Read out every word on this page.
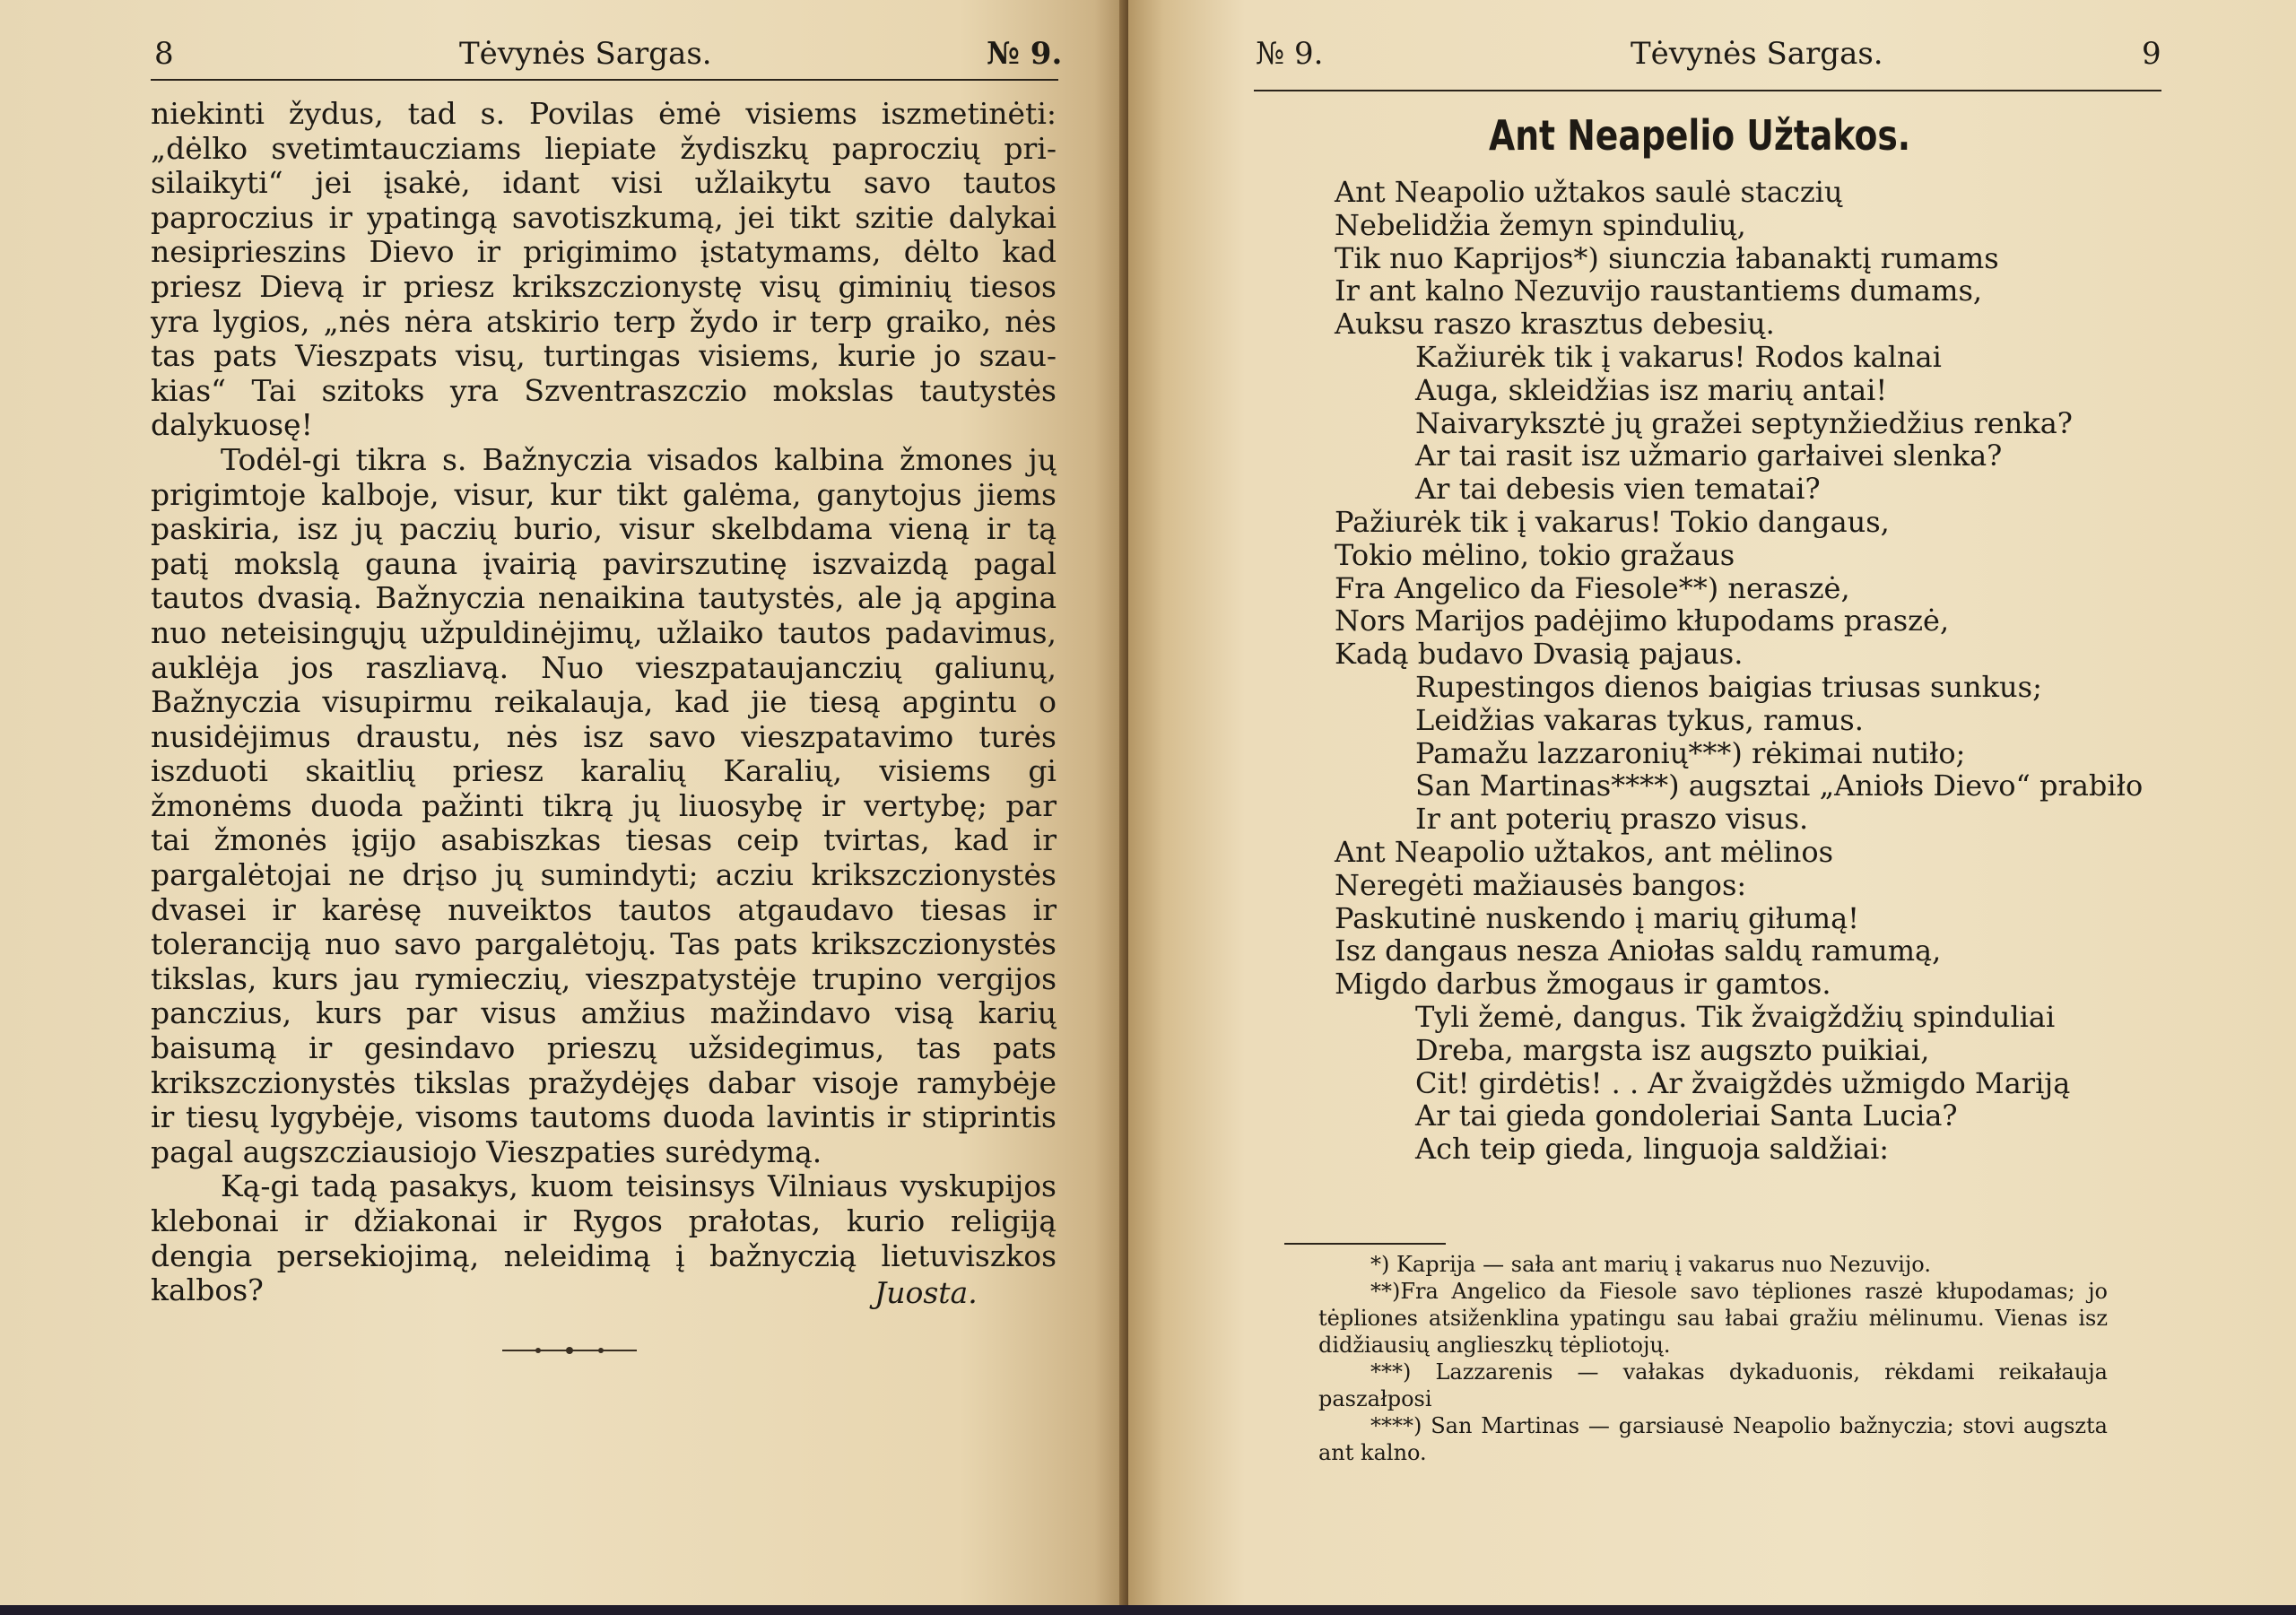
8	Tėvynės Sargas.	№ 9.
niekinti žydus, tad s. Povilas ėmė visiems iszmetinėti:
„dėlko svetimtaucziams liepiate žydiszkų paproczių pri-
silaikyti“ jei įsakė, idant visi užlaikytu savo tautos
paproczius ir ypatingą savotiszkumą, jei tikt szitie dalykai
nesiprieszins Dievo ir prigimimo įstatymams, dėlto kad
priesz Dievą ir priesz krikszczionystę visų giminių tiesos
yra lygios, „nės nėra atskirio terp žydo ir terp graiko, nės
tas pats Vieszpats visų, turtingas visiems, kurie jo szau-
kias“ Tai szitoks yra Szventraszczio mokslas tautystės
dalykuosę!
Todėl-gi tikra s. Bažnyczia visados kalbina žmones jų
prigimtoje kalboje, visur, kur tikt galėma, ganytojus jiems
paskiria, isz jų paczių burio, visur skelbdama vieną ir tą
patį mokslą gauna įvairią pavirszutinę iszvaizdą pagal
tautos dvasią. Bažnyczia nenaikina tautystės, ale ją apgina
nuo neteisingųjų užpuldinėjimų, užlaiko tautos padavimus,
auklėja jos raszliavą. Nuo vieszpataujanczių galiunų,
Bažnyczia visupirmu reikalauja, kad jie tiesą apgintu o
nusidėjimus draustu, nės isz savo vieszpatavimo turės
iszduoti skaitlių priesz karalių Karalių, visiems gi
žmonėms duoda pažinti tikrą jų liuosybę ir vertybę; par
tai žmonės įgijo asabiszkas tiesas ceip tvirtas, kad ir
pargalėtojai ne drįso jų sumindyti; acziu krikszczionystės
dvasei ir karėsę nuveiktos tautos atgaudavo tiesas ir
toleranciją nuo savo pargalėtojų. Tas pats krikszczionystės
tikslas, kurs jau rymieczių, vieszpatystėje trupino vergijos
panczius, kurs par visus amžius mažindavo visą karių
baisumą ir gesindavo prieszų užsidegimus, tas pats
krikszczionystės tikslas pražydėjęs dabar visoje ramybėje
ir tiesų lygybėje, visoms tautoms duoda lavintis ir stiprintis
pagal augszcziausiojo Vieszpaties surėdymą.
Ką-gi tadą pasakys, kuom teisinsys Vilniaus vyskupijos
klebonai ir džiakonai ir Rygos prałotas, kurio religiją
dengia persekiojimą, neleidimą į bažnyczią lietuviszkos
kalbos?	Juosta.
№ 9.	Tėvynės Sargas.	9
Ant Neapelio Užtakos.
Ant Neapolio užtakos saulė staczių
Nebelidžia žemyn spindulių,
Tik nuo Kaprijos*) siunczia łabanaktį rumams
Ir ant kalno Nezuvijo raustantiems dumams,
Auksu raszo krasztus debesių.
Kažiurėk tik į vakarus! Rodos kalnai
Auga, skleidžias isz marių antai!
Naivaryksztė jų gražei septynžiedžius renka?
Ar tai rasit isz užmario garłaivei slenka?
Ar tai debesis vien tematai?
Pažiurėk tik į vakarus! Tokio dangaus,
Tokio mėlino, tokio gražaus
Fra Angelico da Fiesole**) neraszė,
Nors Marijos padėjimo kłupodams praszė,
Kadą budavo Dvasią pajaus.
Rupestingos dienos baigias triusas sunkus;
Leidžias vakaras tykus, ramus.
Pamažu lazzaronių***) rėkimai nutiło;
San Martinas****) augsztai „Aniołs Dievo“ prabiło
Ir ant poterių praszo visus.
Ant Neapolio užtakos, ant mėlinos
Neregėti mažiausės bangos:
Paskutinė nuskendo į marių giłumą!
Isz dangaus nesza Aniołas saldų ramumą,
Migdo darbus žmogaus ir gamtos.
Tyli žemė, dangus. Tik žvaigždžių spinduliai
Dreba, margsta isz augszto puikiai,
Cit! girdėtis! . . Ar žvaigždės užmigdo Mariją
Ar tai gieda gondoleriai Santa Lucia?
Ach teip gieda, linguoja saldžiai:

*) Kaprija — sała ant marių į vakarus nuo Nezuvijo.

**)Fra Angelico da Fiesole savo tėpliones raszė kłupodamas; jo tėpliones atsiženklina ypatingu sau łabai gražiu mėlinumu. Vienas isz didžiausių anglieszkų tėpliotojų.

***) Lazzarenis — vałakas dykaduonis, rėkdami reikałauja paszałposi

****) San Martinas — garsiausė Neapolio bažnyczia; stovi augszta ant kalno.
